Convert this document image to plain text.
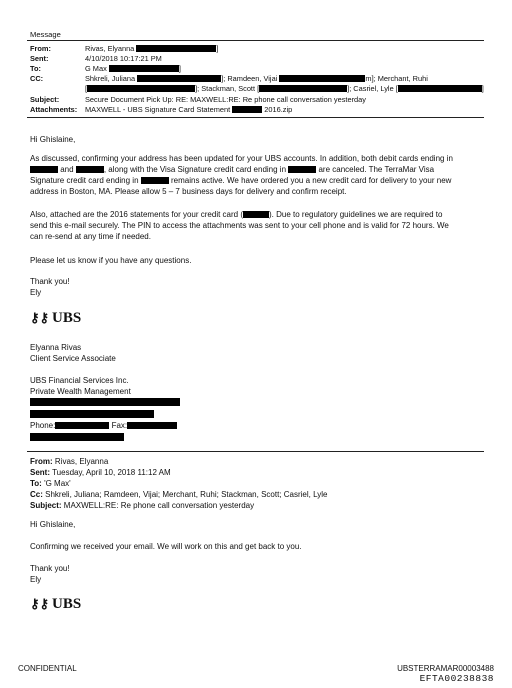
Message
From:	Rivas, Elyanna	]
Sent:	4/10/2018 10:17:21 PM
To:	G Max	]
CC:	Shkreli, Juliana	]; Ramdeen, Vijai	m]; Merchant, Ruhi
[	]; Stackman, Scott [	]; Casriel, Lyle [	]
Subject:	Secure Document Pick Up: RE: MAXWELL:RE: Re phone call conversation yesterday
Attachments: MAXWELL - UBS Signature Card Statement	2016.zip
Hi Ghislaine,
As discussed, confirming your address has been updated for your UBS accounts. In addition, both debit cards ending in
and	, along with the Visa Signature credit card ending in	are canceled. The TerraMar Visa
Signature credit card ending in	remains active. We have ordered you a new credit card for delivery to your new
address in Boston, MA. Please allow 5 – 7 business days for delivery and confirm receipt.
Also, attached are the 2016 statements for your credit card (	). Due to regulatory guidelines we are required to
send this e-mail securely. The PIN to access the attachments was sent to your cell phone and is valid for 72 hours. We
can re-send at any time if needed.
Please let us know if you have any questions.
Thank you!
Ely
⚷⚷ UBS
Elyanna Rivas
Client Service Associate
UBS Financial Services Inc.
Private Wealth Management
Phone:	Fax:
From: Rivas, Elyanna
Sent: Tuesday, April 10, 2018 11:12 AM
To: 'G Max'
Cc: Shkreli, Juliana; Ramdeen, Vijai; Merchant, Ruhi; Stackman, Scott; Casriel, Lyle
Subject: MAXWELL:RE: Re phone call conversation yesterday
Hi Ghislaine,
Confirming we received your email. We will work on this and get back to you.
Thank you!
Ely
⚷⚷ UBS
CONFIDENTIAL	UBSTERRAMAR00003488
EFTA00238838
